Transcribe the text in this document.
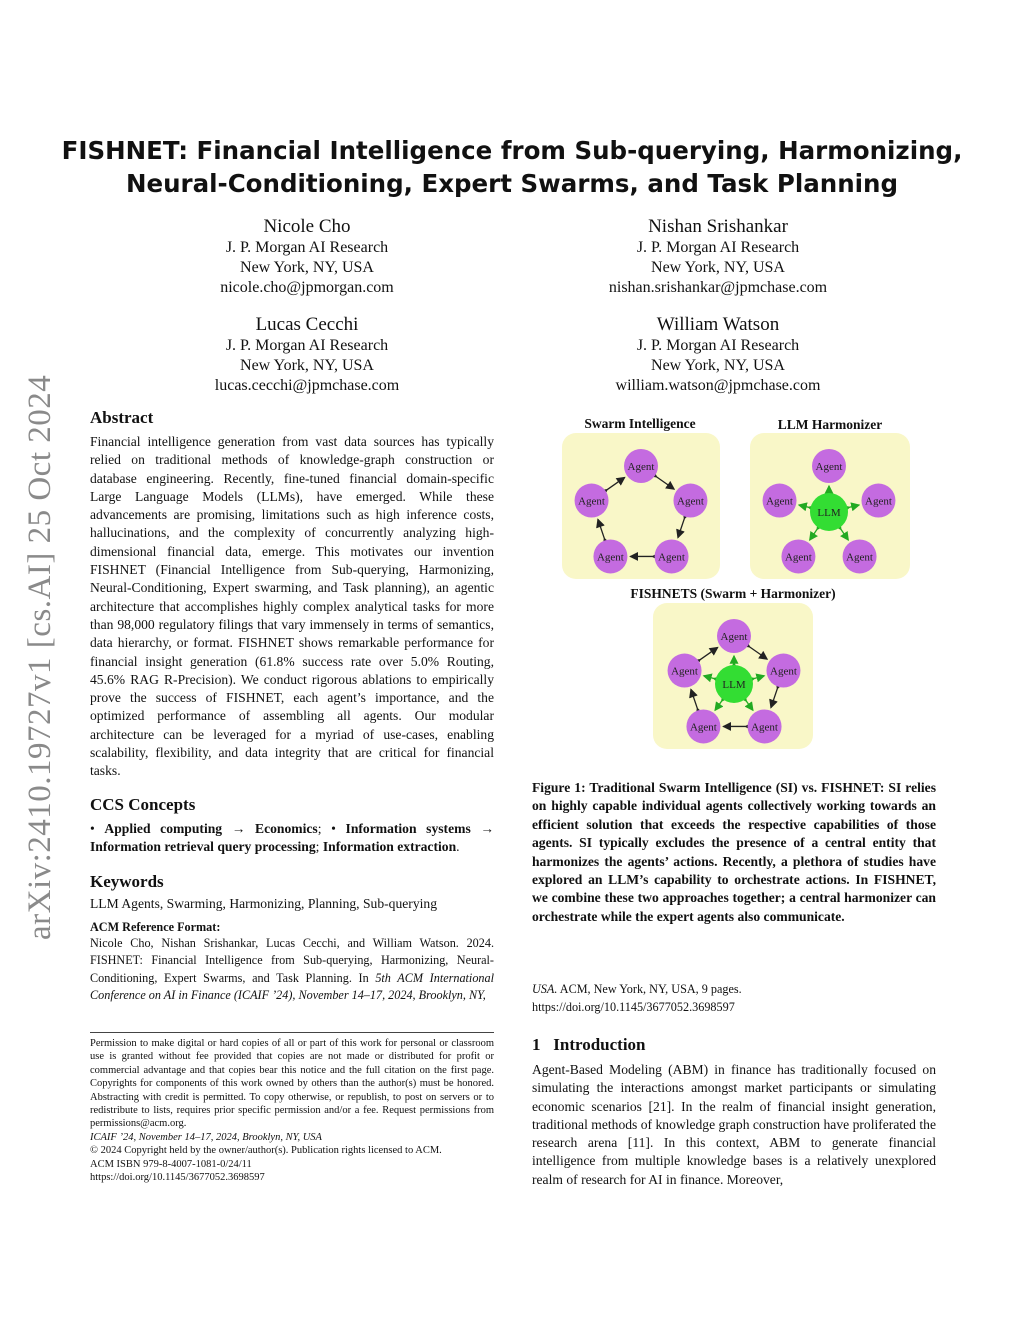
arXiv:2410.19727v1 [cs.AI] 25 Oct 2024
FISHNET: Financial Intelligence from Sub-querying, Harmonizing,
Neural-Conditioning, Expert Swarms, and Task Planning
Nicole Cho
J. P. Morgan AI Research
New York, NY, USA
nicole.cho@jpmorgan.com
Nishan Srishankar
J. P. Morgan AI Research
New York, NY, USA
nishan.srishankar@jpmchase.com
Lucas Cecchi
J. P. Morgan AI Research
New York, NY, USA
lucas.cecchi@jpmchase.com
William Watson
J. P. Morgan AI Research
New York, NY, USA
william.watson@jpmchase.com
Abstract
Financial intelligence generation from vast data sources has typically relied on traditional methods of knowledge-graph construction or database engineering. Recently, fine-tuned financial domain-specific Large Language Models (LLMs), have emerged. While these advancements are promising, limitations such as high inference costs, hallucinations, and the complexity of concurrently analyzing high-dimensional financial data, emerge. This motivates our invention FISHNET (Financial Intelligence from Sub-querying, Harmonizing, Neural-Conditioning, Expert swarming, and Task planning), an agentic architecture that accomplishes highly complex analytical tasks for more than 98,000 regulatory filings that vary immensely in terms of semantics, data hierarchy, or format. FISHNET shows remarkable performance for financial insight generation (61.8% success rate over 5.0% Routing, 45.6% RAG R-Precision). We conduct rigorous ablations to empirically prove the success of FISHNET, each agent’s importance, and the optimized performance of assembling all agents. Our modular architecture can be leveraged for a myriad of use-cases, enabling scalability, flexibility, and data integrity that are critical for financial tasks.
CCS Concepts
• Applied computing → Economics; • Information systems → Information retrieval query processing; Information extraction.
Keywords
LLM Agents, Swarming, Harmonizing, Planning, Sub-querying
ACM Reference Format:
Nicole Cho, Nishan Srishankar, Lucas Cecchi, and William Watson. 2024. FISHNET: Financial Intelligence from Sub-querying, Harmonizing, Neural-Conditioning, Expert Swarms, and Task Planning. In 5th ACM International Conference on AI in Finance (ICAIF ’24), November 14–17, 2024, Brooklyn, NY,
Permission to make digital or hard copies of all or part of this work for personal or classroom use is granted without fee provided that copies are not made or distributed for profit or commercial advantage and that copies bear this notice and the full citation on the first page. Copyrights for components of this work owned by others than the author(s) must be honored. Abstracting with credit is permitted. To copy otherwise, or republish, to post on servers or to redistribute to lists, requires prior specific permission and/or a fee. Request permissions from permissions@acm.org.
ICAIF ’24, November 14–17, 2024, Brooklyn, NY, USA
© 2024 Copyright held by the owner/author(s). Publication rights licensed to ACM.
ACM ISBN 979-8-4007-1081-0/24/11
https://doi.org/10.1145/3677052.3698597
Swarm Intelligence	LLM Harmonizer
FISHNETS (Swarm + Harmonizer)
Agent
Agent
Agent
Agent
Agent
LLM
Agent
Agent
Agent
Agent
Agent
LLM
Agent
Agent
Agent
Agent
Agent
Figure 1: Traditional Swarm Intelligence (SI) vs. FISHNET: SI relies on highly capable individual agents collectively working towards an efficient solution that exceeds the respective capabilities of those agents. SI typically excludes the presence of a central entity that harmonizes the agents’ actions. Recently, a plethora of studies have explored an LLM’s capability to orchestrate actions. In FISHNET, we combine these two approaches together; a central harmonizer can orchestrate while the expert agents also communicate.
USA. ACM, New York, NY, USA, 9 pages. https://doi.org/10.1145/3677052.3698597
1 Introduction
Agent-Based Modeling (ABM) in finance has traditionally focused on simulating the interactions amongst market participants or simulating economic scenarios [21]. In the realm of financial insight generation, traditional methods of knowledge graph construction have proliferated the research arena [11]. In this context, ABM to generate financial intelligence from multiple knowledge bases is a relatively unexplored realm of research for AI in finance. Moreover,
